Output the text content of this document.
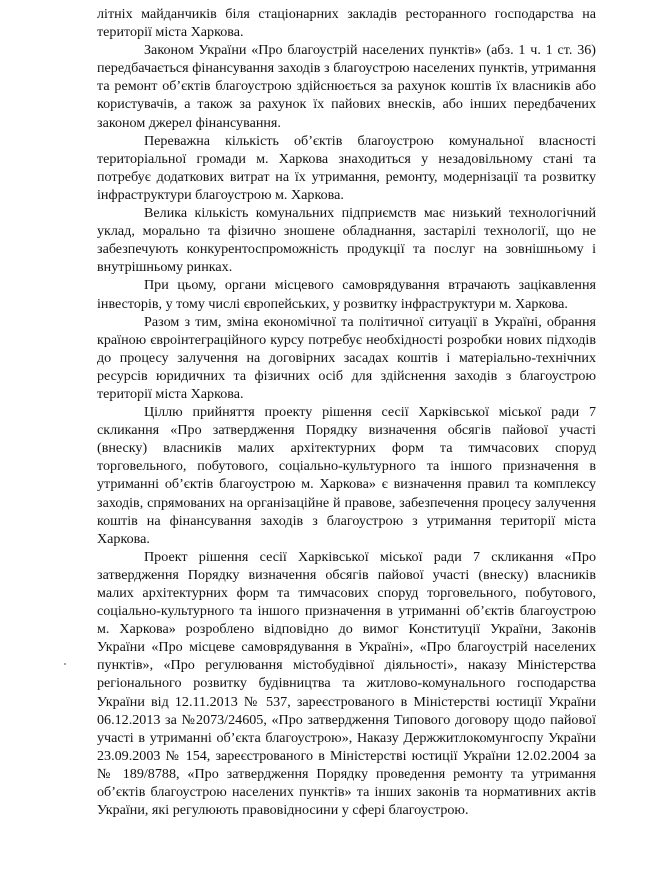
літніх майданчиків біля стаціонарних закладів ресторанного господарства на території міста Харкова.

Законом України «Про благоустрій населених пунктів» (абз. 1 ч. 1 ст. 36) передбачається фінансування заходів з благоустрою населених пунктів, утримання та ремонт об’єктів благоустрою здійснюється за рахунок коштів їх власників або користувачів, а також за рахунок їх пайових внесків, або інших передбачених законом джерел фінансування.

Переважна кількість об’єктів благоустрою комунальної власності територіальної громади м. Харкова знаходиться у незадовільному стані та потребує додаткових витрат на їх утримання, ремонту, модернізації та розвитку інфраструктури благоустрою м. Харкова.

Велика кількість комунальних підприємств має низький технологічний уклад, морально та фізично зношене обладнання, застарілі технології, що не забезпечують конкурентоспроможність продукції та послуг на зовнішньому і внутрішньому ринках.

При цьому, органи місцевого самоврядування втрачають зацікавлення інвесторів, у тому числі європейських, у розвитку інфраструктури м. Харкова.

Разом з тим, зміна економічної та політичної ситуації в Україні, обрання країною євроінтеграційного курсу потребує необхідності розробки нових підходів до процесу залучення на договірних засадах коштів і матеріально-технічних ресурсів юридичних та фізичних осіб для здійснення заходів з благоустрою території міста Харкова.

Ціллю прийняття проекту рішення сесії Харківської міської ради 7 скликання «Про затвердження Порядку визначення обсягів пайової участі (внеску) власників малих архітектурних форм та тимчасових споруд торговельного, побутового, соціально-культурного та іншого призначення в утриманні об’єктів благоустрою м. Харкова» є визначення правил та комплексу заходів, спрямованих на організаційне й правове, забезпечення процесу залучення коштів на фінансування заходів з благоустрою з утримання території міста Харкова.

Проект рішення сесії Харківської міської ради 7 скликання «Про затвердження Порядку визначення обсягів пайової участі (внеску) власників малих архітектурних форм та тимчасових споруд торговельного, побутового, соціально-культурного та іншого призначення в утриманні об’єктів благоустрою м. Харкова» розроблено відповідно до вимог Конституції України, Законів України «Про місцеве самоврядування в Україні», «Про благоустрій населених пунктів», «Про регулювання містобудівної діяльності», наказу Міністерства регіонального розвитку будівництва та житлово-комунального господарства України від 12.11.2013 № 537, зареєстрованого в Міністерстві юстиції України 06.12.2013 за №2073/24605, «Про затвердження Типового договору щодо пайової участі в утриманні об’єкта благоустрою», Наказу Держжитлокомунгоспу України 23.09.2003 № 154, зареєстрованого в Міністерстві юстиції України 12.02.2004 за № 189/8788, «Про затвердження Порядку проведення ремонту та утримання об’єктів благоустрою населених пунктів» та інших законів та нормативних актів України, які регулюють правовідносини у сфері благоустрою.
